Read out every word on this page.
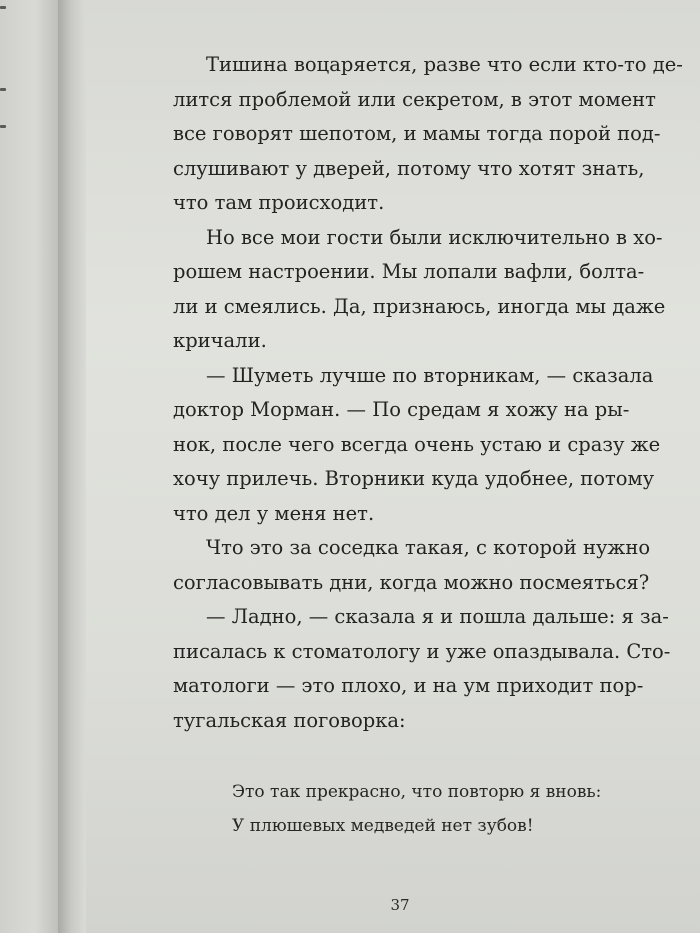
Тишина воцаряется, разве что если кто-то де-
лится проблемой или секретом, в этот момент
все говорят шепотом, и мамы тогда порой под-
слушивают у дверей, потому что хотят знать,
что там происходит.
Но все мои гости были исключительно в хо-
рошем настроении. Мы лопали вафли, болта-
ли и смеялись. Да, признаюсь, иногда мы даже
кричали.
— Шуметь лучше по вторникам, — сказала
доктор Морман. — По средам я хожу на ры-
нок, после чего всегда очень устаю и сразу же
хочу прилечь. Вторники куда удобнее, потому
что дел у меня нет.
Что это за соседка такая, с которой нужно
согласовывать дни, когда можно посмеяться?
— Ладно, — сказала я и пошла дальше: я за-
писалась к стоматологу и уже опаздывала. Сто-
матологи — это плохо, и на ум приходит пор-
тугальская поговорка:
Это так прекрасно, что повторю я вновь:
У плюшевых медведей нет зубов!
37
